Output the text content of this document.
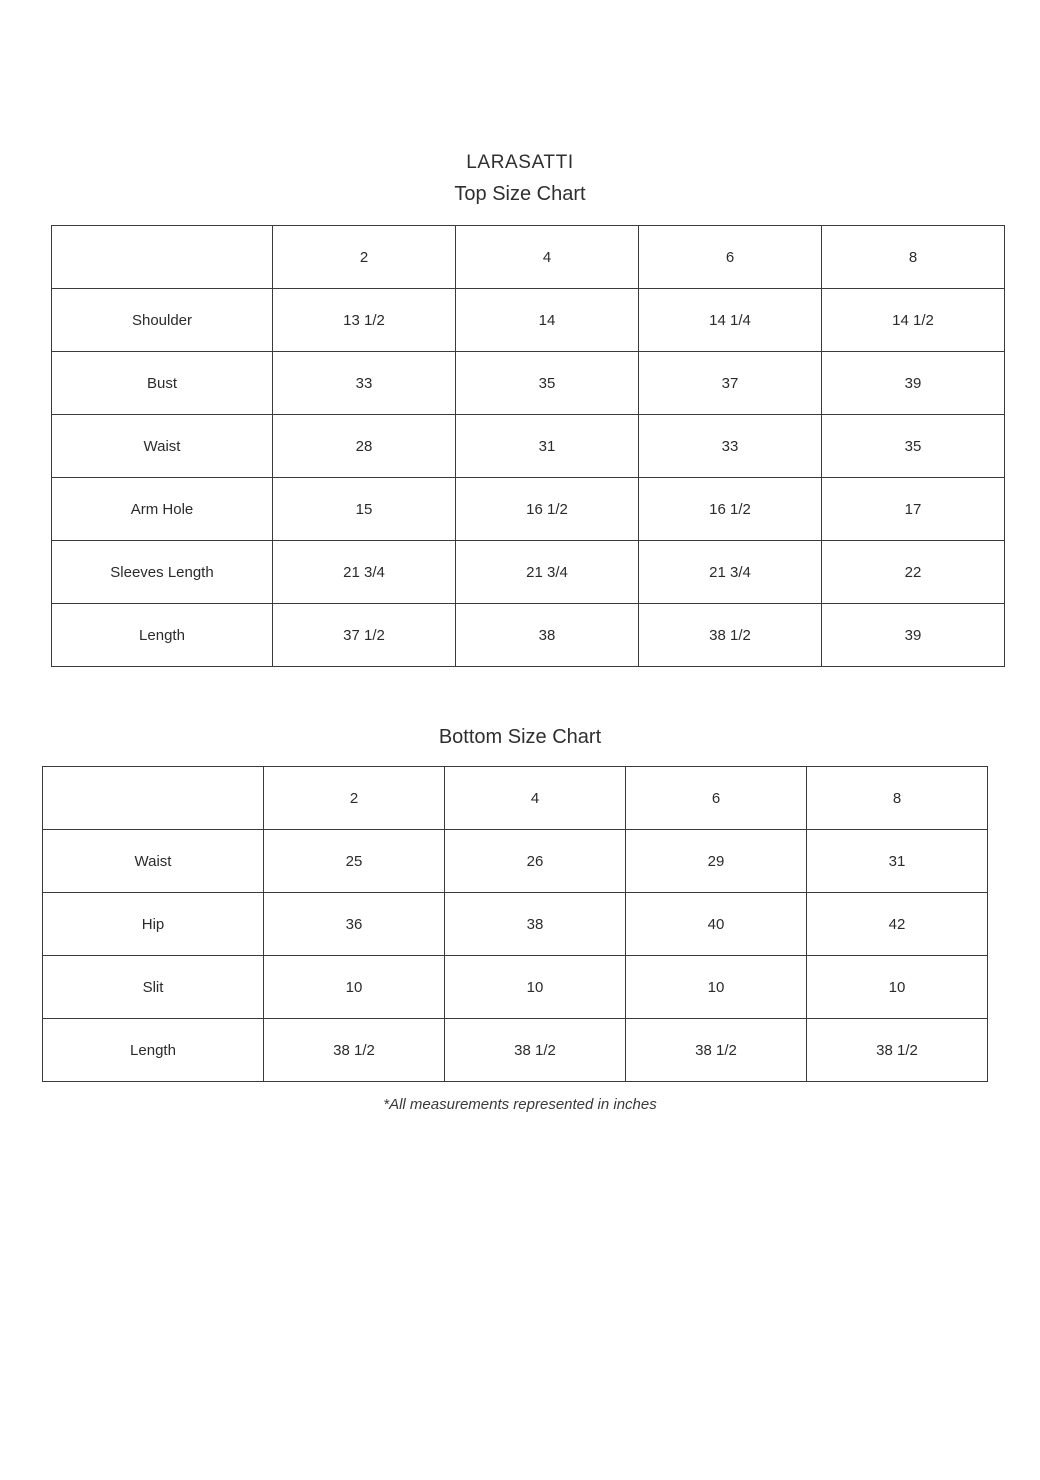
LARASATTI
Top Size Chart
	2	4	6	8
Shoulder	13 1/2	14	14 1/4	14 1/2
Bust	33	35	37	39
Waist	28	31	33	35
Arm Hole	15	16 1/2	16 1/2	17
Sleeves Length	21 3/4	21 3/4	21 3/4	22
Length	37 1/2	38	38 1/2	39
Bottom Size Chart
	2	4	6	8
Waist	25	26	29	31
Hip	36	38	40	42
Slit	10	10	10	10
Length	38 1/2	38 1/2	38 1/2	38 1/2
*All measurements represented in inches
